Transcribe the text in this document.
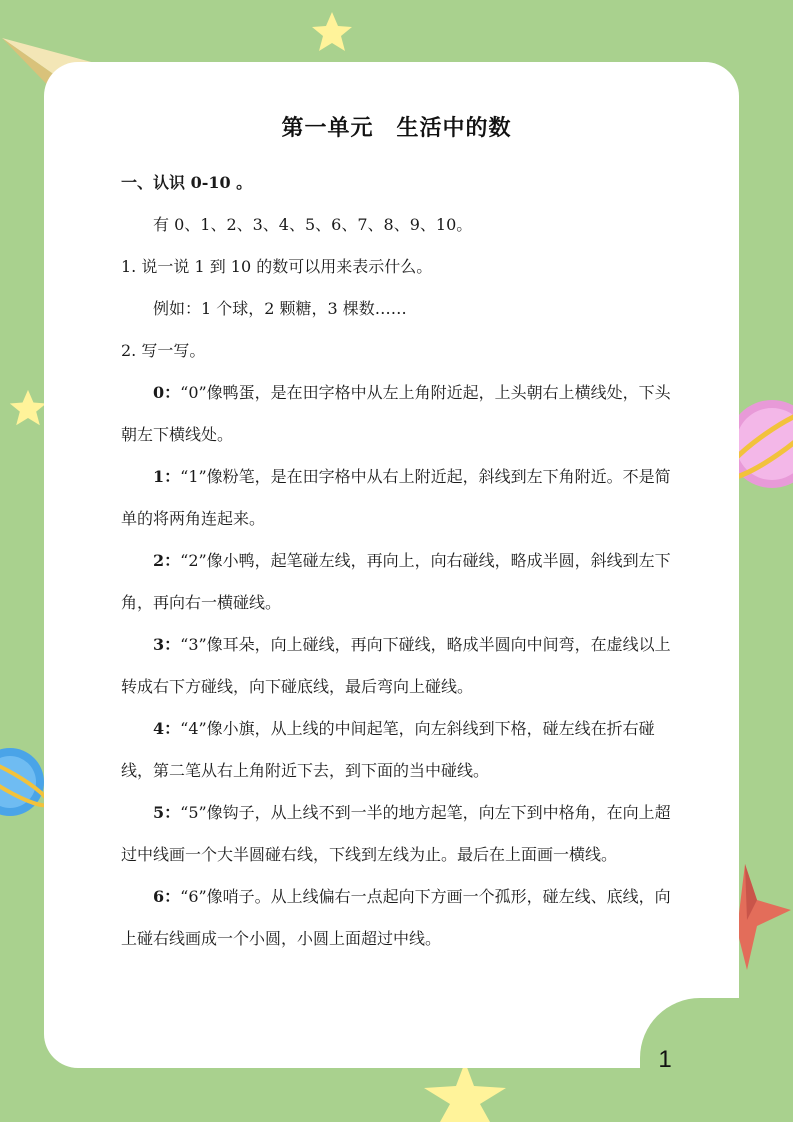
第一单元　生活中的数

一、认识 0-10 。

有 0、1、2、3、4、5、6、7、8、9、10。

1. 说一说 1 到 10 的数可以用来表示什么。

例如：1 个球，2 颗糖，3 棵数……

2. 写一写。

0：“0”像鸭蛋，是在田字格中从左上角附近起，上头朝右上横线处，下头朝左下横线处。

1：“1”像粉笔，是在田字格中从右上附近起，斜线到左下角附近。不是简单的将两角连起来。

2：“2”像小鸭，起笔碰左线，再向上，向右碰线，略成半圆，斜线到左下角，再向右一横碰线。

3：“3”像耳朵，向上碰线，再向下碰线，略成半圆向中间弯，在虚线以上转成右下方碰线，向下碰底线，最后弯向上碰线。

4：“4”像小旗，从上线的中间起笔，向左斜线到下格，碰左线在折右碰线，第二笔从右上角附近下去，到下面的当中碰线。

5：“5”像钩子，从上线不到一半的地方起笔，向左下到中格角，在向上超过中线画一个大半圆碰右线，下线到左线为止。最后在上面画一横线。

6：“6”像哨子。从上线偏右一点起向下方画一个孤形，碰左线、底线，向上碰右线画成一个小圆，小圆上面超过中线。

1
